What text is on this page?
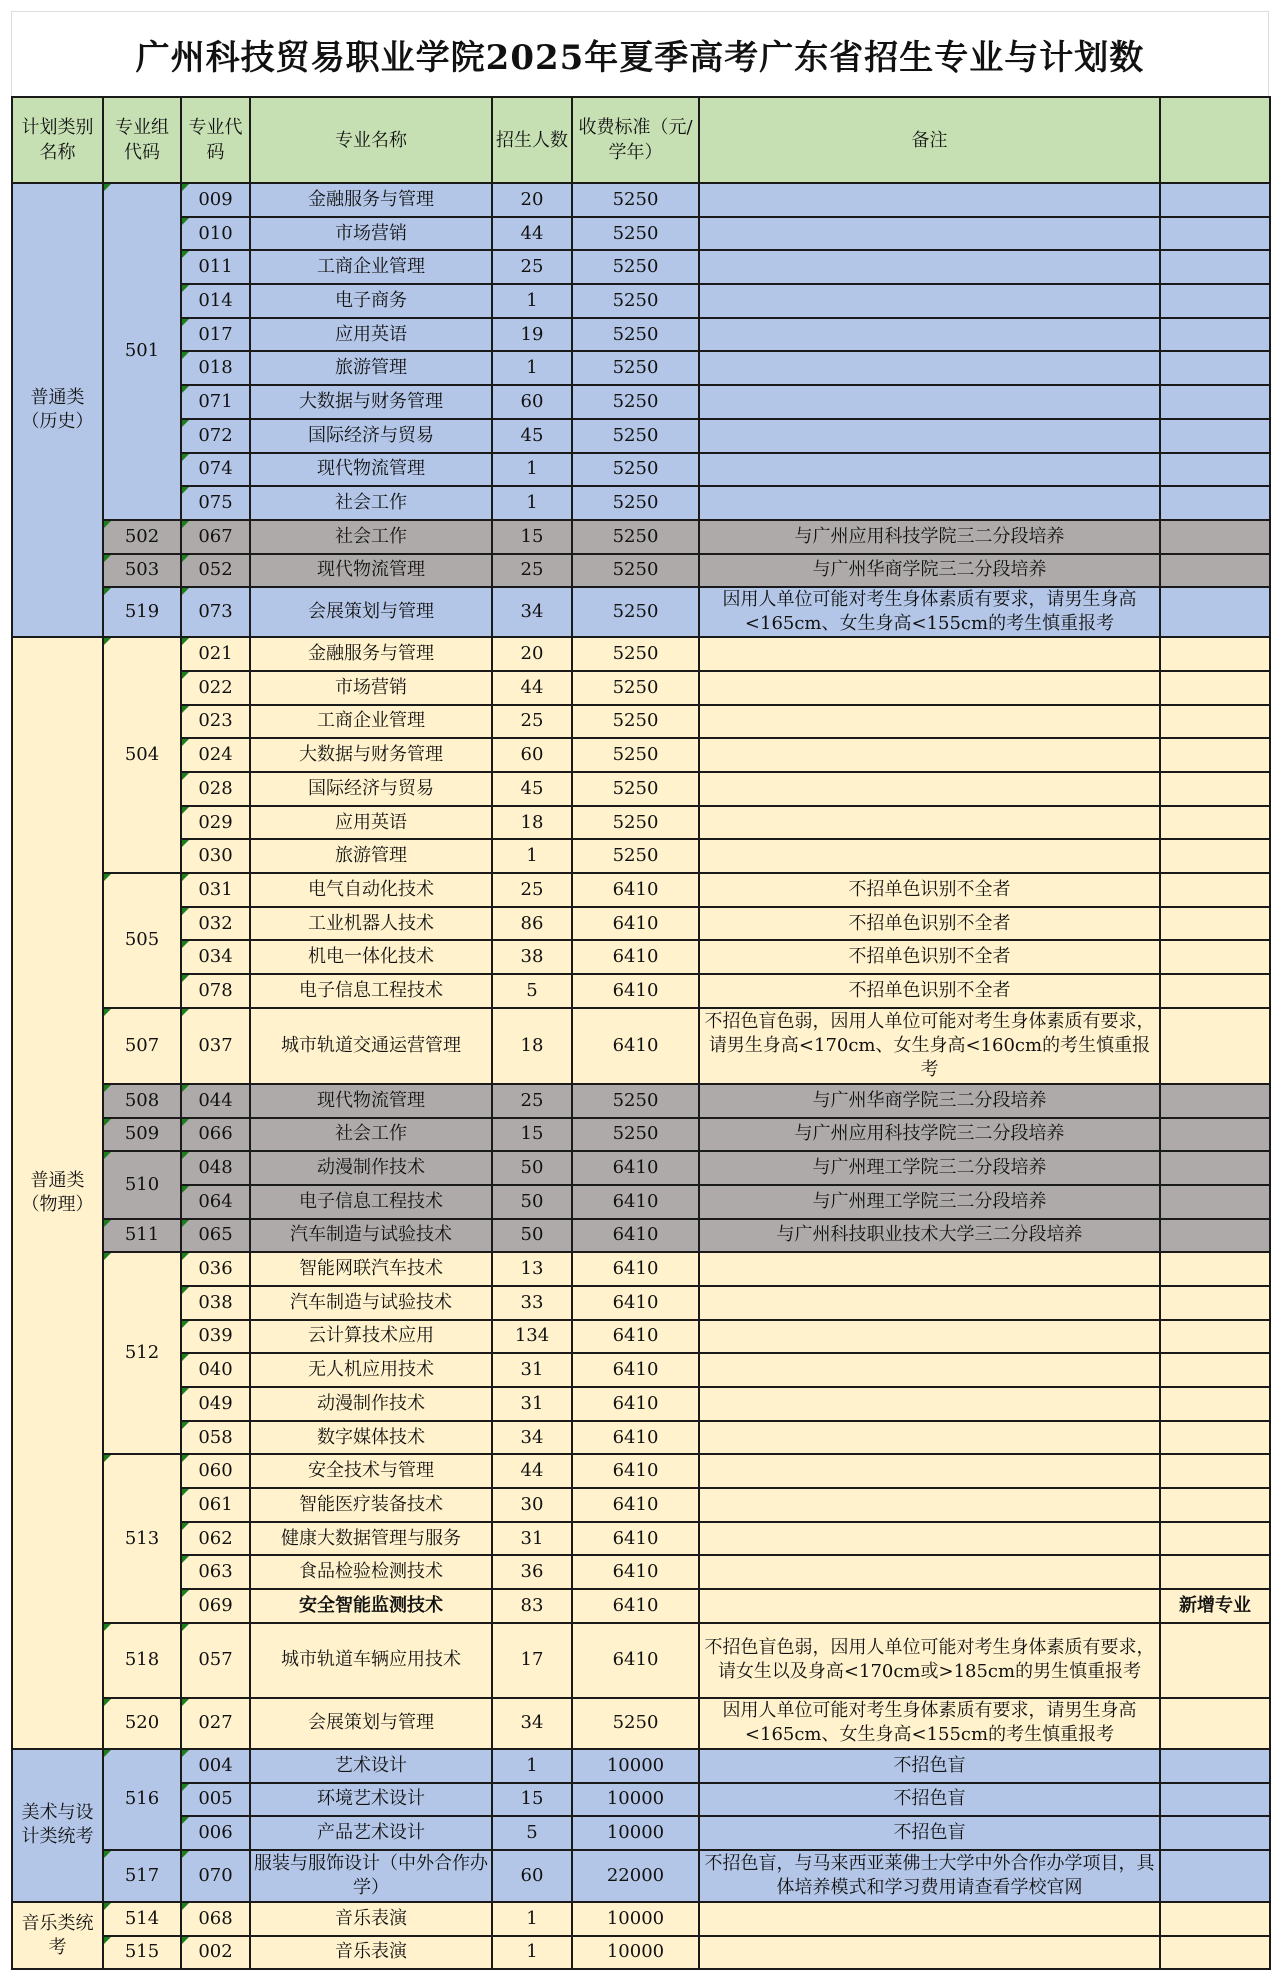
广州科技贸易职业学院2025年夏季高考广东省招生专业与计划数
计划类别名称	专业组代码	专业代码	专业名称	招生人数	收费标准（元/学年）	备注	
普通类（历史）	501	009	金融服务与管理	20	5250		
		010	市场营销	44	5250		
		011	工商企业管理	25	5250		
		014	电子商务	1	5250		
		017	应用英语	19	5250		
		018	旅游管理	1	5250		
		071	大数据与财务管理	60	5250		
		072	国际经济与贸易	45	5250		
		074	现代物流管理	1	5250		
		075	社会工作	1	5250		
	502	067	社会工作	15	5250	与广州应用科技学院三二分段培养	
	503	052	现代物流管理	25	5250	与广州华商学院三二分段培养	
	519	073	会展策划与管理	34	5250	因用人单位可能对考生身体素质有要求，请男生身高<165cm、女生身高<155cm的考生慎重报考	
普通类（物理）	504	021	金融服务与管理	20	5250		
		022	市场营销	44	5250		
		023	工商企业管理	25	5250		
		024	大数据与财务管理	60	5250		
		028	国际经济与贸易	45	5250		
		029	应用英语	18	5250		
		030	旅游管理	1	5250		
	505	031	电气自动化技术	25	6410	不招单色识别不全者	
		032	工业机器人技术	86	6410	不招单色识别不全者	
		034	机电一体化技术	38	6410	不招单色识别不全者	
		078	电子信息工程技术	5	6410	不招单色识别不全者	
	507	037	城市轨道交通运营管理	18	6410	不招色盲色弱，因用人单位可能对考生身体素质有要求，请男生身高<170cm、女生身高<160cm的考生慎重报考	
	508	044	现代物流管理	25	5250	与广州华商学院三二分段培养	
	509	066	社会工作	15	5250	与广州应用科技学院三二分段培养	
	510	048	动漫制作技术	50	6410	与广州理工学院三二分段培养	
		064	电子信息工程技术	50	6410	与广州理工学院三二分段培养	
	511	065	汽车制造与试验技术	50	6410	与广州科技职业技术大学三二分段培养	
	512	036	智能网联汽车技术	13	6410		
		038	汽车制造与试验技术	33	6410		
		039	云计算技术应用	134	6410		
		040	无人机应用技术	31	6410		
		049	动漫制作技术	31	6410		
		058	数字媒体技术	34	6410		
	513	060	安全技术与管理	44	6410		
		061	智能医疗装备技术	30	6410		
		062	健康大数据管理与服务	31	6410		
		063	食品检验检测技术	36	6410		
		069	安全智能监测技术	83	6410		新增专业
	518	057	城市轨道车辆应用技术	17	6410	不招色盲色弱，因用人单位可能对考生身体素质有要求，请女生以及身高<170cm或>185cm的男生慎重报考	
	520	027	会展策划与管理	34	5250	因用人单位可能对考生身体素质有要求，请男生身高<165cm、女生身高<155cm的考生慎重报考	
美术与设计类统考	516	004	艺术设计	1	10000	不招色盲	
		005	环境艺术设计	15	10000	不招色盲	
		006	产品艺术设计	5	10000	不招色盲	
	517	070	服装与服饰设计（中外合作办学）	60	22000	不招色盲，与马来西亚莱佛士大学中外合作办学项目，具体培养模式和学习费用请查看学校官网	
音乐类统考	514	068	音乐表演	1	10000		
	515	002	音乐表演	1	10000		
